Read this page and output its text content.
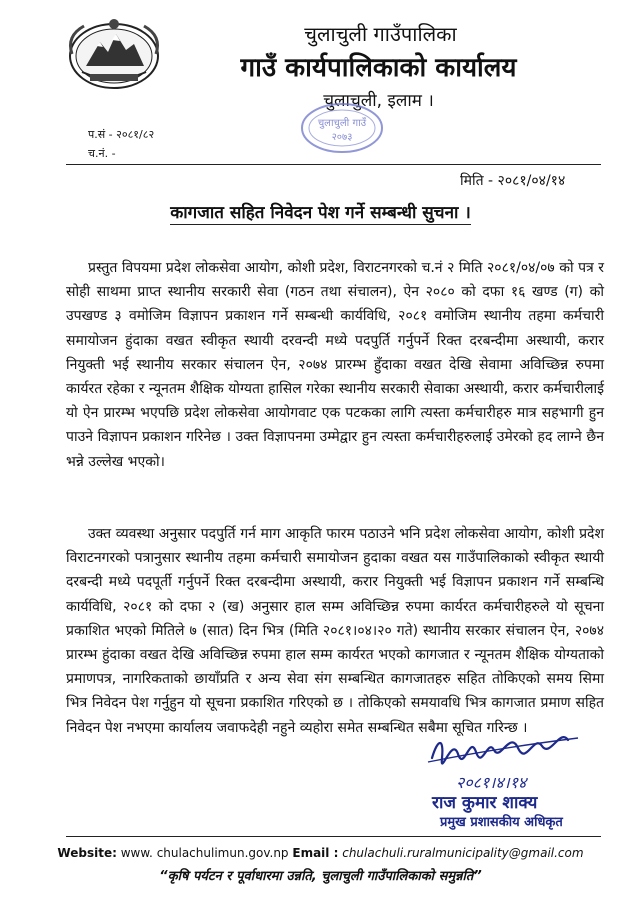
चुलाचुली गाउँपालिका
गाउँ कार्यपालिकाको कार्यालय
चुलाचुली, इलाम ।
चुलाचुली गाउँ
२०७३
प.सं - २०८१/८२
च.नं. -
मिति - २०८१/०४/१४
कागजात सहित निवेदन पेश गर्ने सम्बन्धी सुचना ।

प्रस्तुत विपयमा प्रदेश लोकसेवा आयोग, कोशी प्रदेश, विराटनगरको च.नं २ मिति २०८१/०४/०७ को पत्र र सोही साथमा प्राप्त स्थानीय सरकारी सेवा (गठन तथा संचालन), ऐन २०८० को दफा १६ खण्ड (ग) को उपखण्ड ३ वमोजिम विज्ञापन प्रकाशन गर्ने सम्बन्धी कार्यविधि, २०८१ वमोजिम स्थानीय तहमा कर्मचारी समायोजन हुंदाका वखत स्वीकृत स्थायी दरवन्दी मध्ये पदपुर्ति गर्नुपर्ने रिक्त दरबन्दीमा अस्थायी, करार नियुक्ती भई स्थानीय सरकार संचालन ऐन, २०७४ प्रारम्भ हुँदाका वखत देखि सेवामा अविच्छिन्न रुपमा कार्यरत रहेका र न्यूनतम शैक्षिक योग्यता हासिल गरेका स्थानीय सरकारी सेवाका अस्थायी, करार कर्मचारीलाई यो ऐन प्रारम्भ भएपछि प्रदेश लोकसेवा आयोगवाट एक पटकका लागि त्यस्ता कर्मचारीहरु मात्र सहभागी हुन पाउने विज्ञापन प्रकाशन गरिनेछ । उक्त विज्ञापनमा उम्मेद्वार हुन त्यस्ता कर्मचारीहरुलाई उमेरको हद लाग्ने छैन भन्ने उल्लेख भएको।

उक्त व्यवस्था अनुसार पदपुर्ति गर्न माग आकृति फारम पठाउने भनि प्रदेश लोकसेवा आयोग, कोशी प्रदेश विराटनगरको पत्रानुसार स्थानीय तहमा कर्मचारी समायोजन हुदाका वखत यस गाउँपालिकाको स्वीकृत स्थायी दरबन्दी मध्ये पदपूर्ती गर्नुपर्ने रिक्त दरबन्दीमा अस्थायी, करार नियुक्ती भई विज्ञापन प्रकाशन गर्ने सम्बन्धि कार्यविधि, २०८१ को दफा २ (ख) अनुसार हाल सम्म अविच्छिन्न रुपमा कार्यरत कर्मचारीहरुले यो सूचना प्रकाशित भएको मितिले ७ (सात) दिन भित्र (मिति २०८१।०४।२० गते) स्थानीय सरकार संचालन ऐन, २०७४ प्रारम्भ हुंदाका वखत देखि अविच्छिन्न रुपमा हाल सम्म कार्यरत भएको कागजात र न्यूनतम शैक्षिक योग्यताको प्रमाणपत्र, नागरिकताको छायाँप्रति र अन्य सेवा संग सम्बन्धित कागजातहरु सहित तोकिएको समय सिमा भित्र निवेदन पेश गर्नुहुन यो सूचना प्रकाशित गरिएको छ । तोकिएको समयावधि भित्र कागजात प्रमाण सहित निवेदन पेश नभएमा कार्यालय जवाफदेही नहुने व्यहोरा समेत सम्बन्धित सबैमा सूचित गरिन्छ ।

२०८१।४।१४
राज कुमार शाक्य
प्रमुख प्रशासकीय अधिकृत
Website: www. chulachulimun.gov.np Email : chulachuli.ruralmunicipality@gmail.com
“कृषि पर्यटन र पूर्वाधारमा उन्नति, चुलाचुली गाउँपालिकाको समुन्नति”
